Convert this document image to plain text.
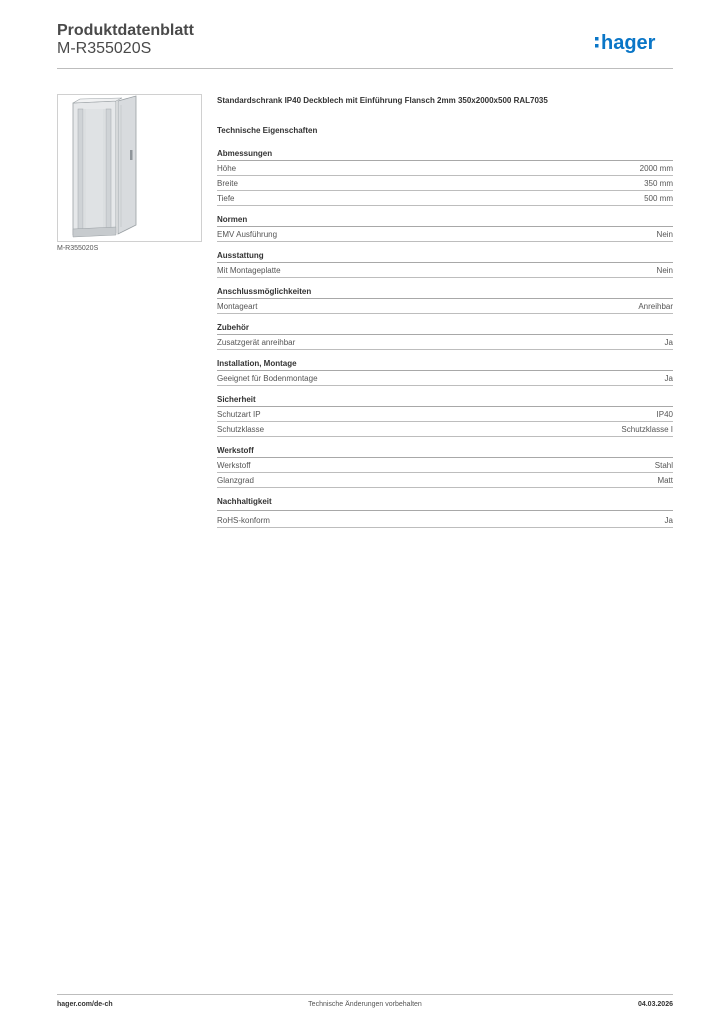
Produktdatenblatt
M-R355020S	hager
M-R355020S
Standardschrank IP40 Deckblech mit Einführung Flansch 2mm 350x2000x500 RAL7035
Technische Eigenschaften
Abmessungen
Höhe	2000 mm
Breite	350 mm
Tiefe	500 mm
Normen
EMV Ausführung	Nein
Ausstattung
Mit Montageplatte	Nein
Anschlussmöglichkeiten
Montageart	Anreihbar
Zubehör
Zusatzgerät anreihbar	Ja
Installation, Montage
Geeignet für Bodenmontage	Ja
Sicherheit
Schutzart IP	IP40
Schutzklasse	Schutzklasse I
Werkstoff
Werkstoff	Stahl
Glanzgrad	Matt
Nachhaltigkeit
RoHS-konform	Ja
hager.com/de-ch	Technische Änderungen vorbehalten	04.03.2026
